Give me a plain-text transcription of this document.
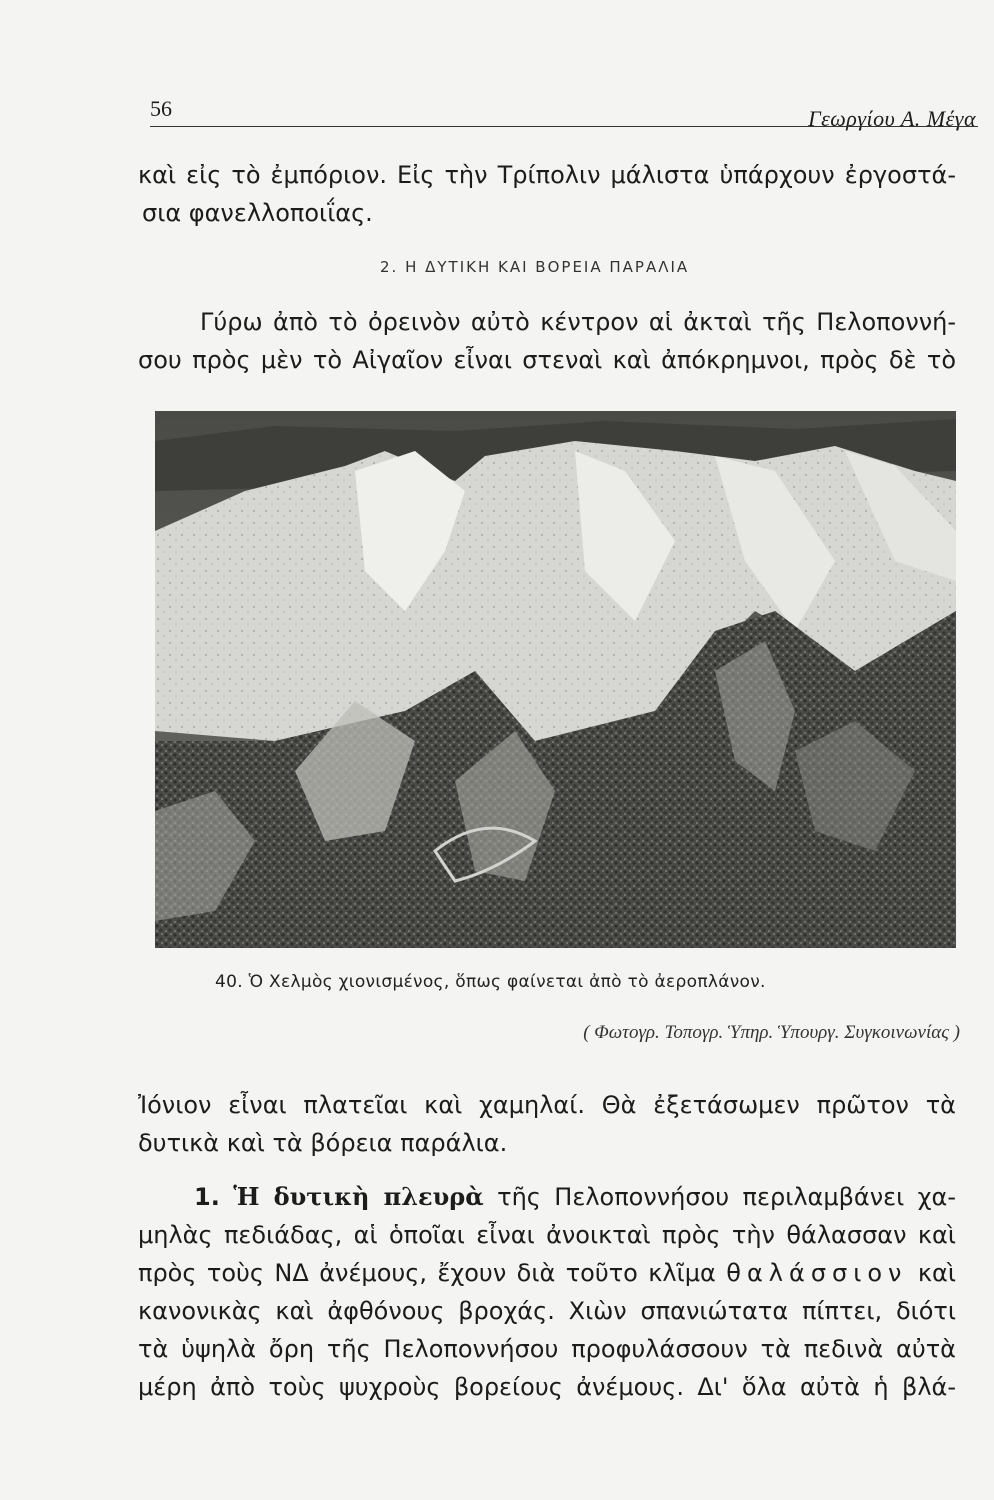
56	Γεωργίου Α. Μέγα
καὶ εἰς τὸ ἐμπόριον. Εἰς τὴν Τρίπολιν μάλιστα ὑπάρχουν ἐργοστά-
σια φανελλοποιΐας.
2. Η ΔΥΤΙΚΗ ΚΑΙ ΒΟΡΕΙΑ ΠΑΡΑΛΙΑ
Γύρω ἀπὸ τὸ ὀρεινὸν αὐτὸ κέντρον αἱ ἀκταὶ τῆς Πελοποννή-
σου πρὸς μὲν τὸ Αἰγαῖον εἶναι στεναὶ καὶ ἀπόκρημνοι, πρὸς δὲ τὸ
40. Ὁ Χελμὸς χιονισμένος, ὅπως φαίνεται ἀπὸ τὸ ἀεροπλάνον.
( Φωτογρ. Τοπογρ. Ὑπηρ. Ὑπουργ. Συγκοινωνίας )
Ἰόνιον εἶναι πλατεῖαι καὶ χαμηλαί. Θὰ ἐξετάσωμεν πρῶτον τὰ
δυτικὰ καὶ τὰ βόρεια παράλια.
1. Ἡ δυτικὴ πλευρὰ τῆς Πελοποννήσου περιλαμβάνει χα-
μηλὰς πεδιάδας, αἱ ὁποῖαι εἶναι ἀνοικταὶ πρὸς τὴν θάλασσαν καὶ
πρὸς τοὺς ΝΔ ἀνέμους, ἔχουν διὰ τοῦτο κλῖμα θαλάσσιον καὶ
κανονικὰς καὶ ἀφθόνους βροχάς. Χιὼν σπανιώτατα πίπτει, διότι
τὰ ὑψηλὰ ὄρη τῆς Πελοποννήσου προφυλάσσουν τὰ πεδινὰ αὐτὰ
μέρη ἀπὸ τοὺς ψυχροὺς βορείους ἀνέμους. Δι' ὅλα αὐτὰ ἡ βλά-
